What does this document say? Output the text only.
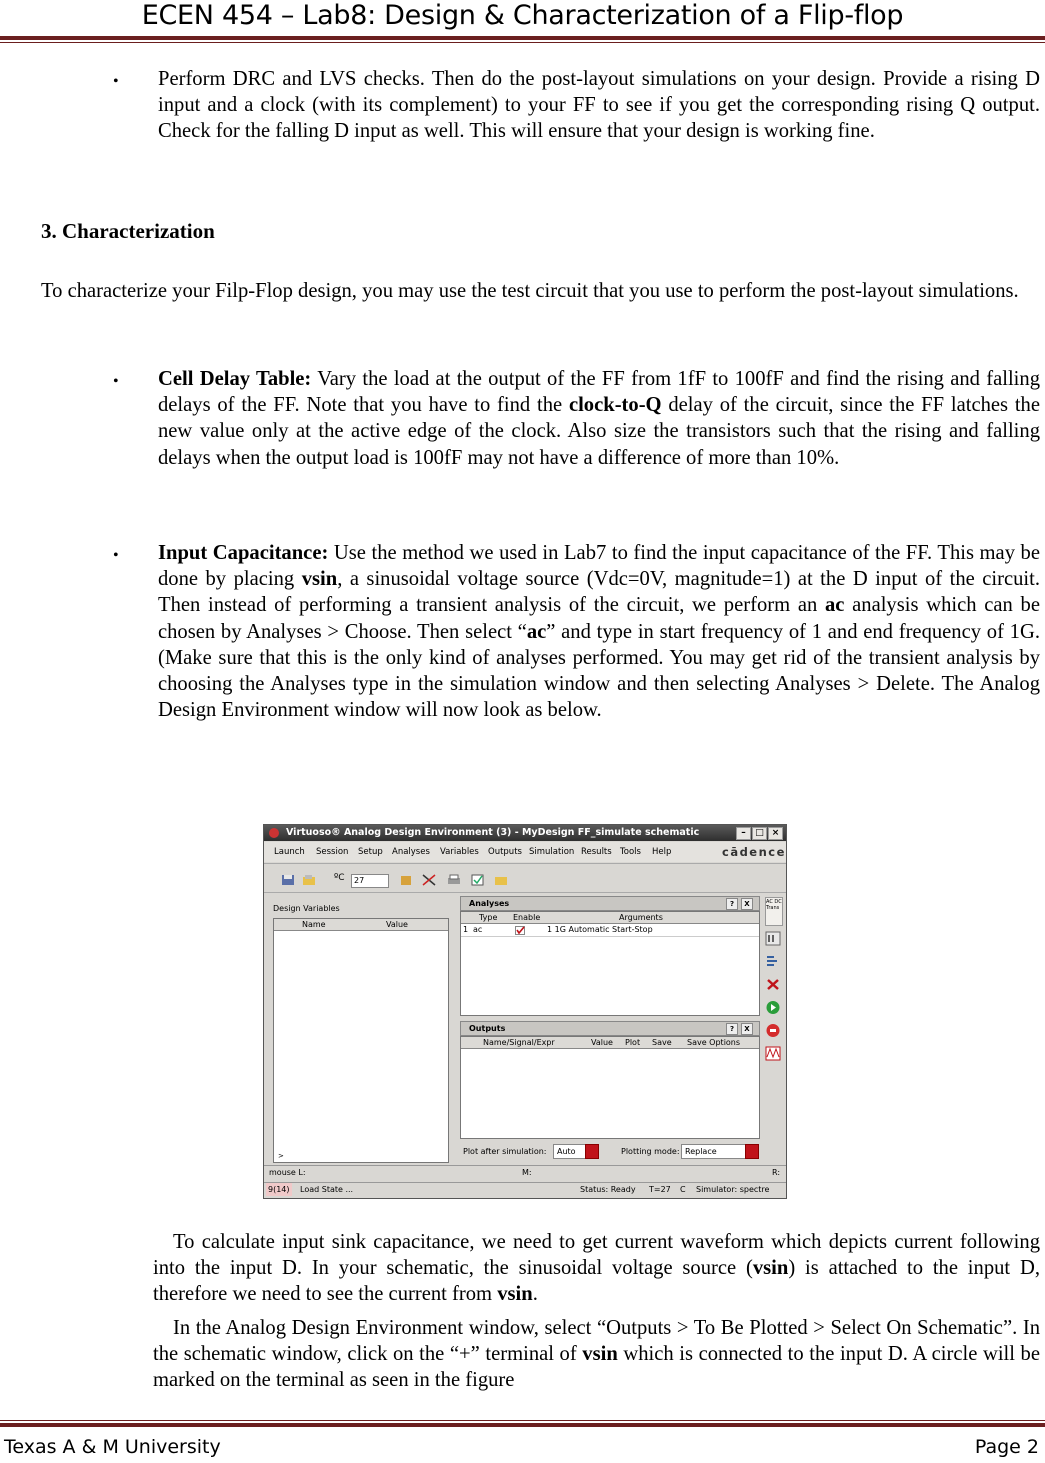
ECEN 454 – Lab8: Design & Characterization of a Flip-flop
• Perform DRC and LVS checks. Then do the post-layout simulations on your design. Provide a rising D input and a clock (with its complement) to your FF to see if you get the corresponding rising Q output. Check for the falling D input as well. This will ensure that your design is working fine.
3. Characterization
To characterize your Filp-Flop design, you may use the test circuit that you use to perform the post-layout simulations.
• Cell Delay Table: Vary the load at the output of the FF from 1fF to 100fF and find the rising and falling delays of the FF. Note that you have to find the clock-to-Q delay of the circuit, since the FF latches the new value only at the active edge of the clock. Also size the transistors such that the rising and falling delays when the output load is 100fF may not have a difference of more than 10%.
• Input Capacitance: Use the method we used in Lab7 to find the input capacitance of the FF. This may be done by placing vsin, a sinusoidal voltage source (Vdc=0V, magnitude=1) at the D input of the circuit. Then instead of performing a transient analysis of the circuit, we perform an ac analysis which can be chosen by Analyses > Choose. Then select “ac” and type in start frequency of 1 and end frequency of 1G. (Make sure that this is the only kind of analyses performed. You may get rid of the transient analysis by choosing the Analyses type in the simulation window and then selecting Analyses > Delete. The Analog Design Environment window will now look as below.
Virtuoso® Analog Design Environment (3) - MyDesign FF_simulate schematic	–	□ ×
Launch Session Setup Analyses Variables Outputs Simulation Results Tools Help	cādence
ºC	27
Design Variables
Name	Value
>
Analyses	?	X
Type Enable	Arguments
1 ac	1 1G Automatic Start-Stop
Outputs	?	X
Name/Signal/Expr	Value Plot Save Save Options
AC DC Trans
Plot after simulation:	Auto	Plotting mode: Replace
mouse L:	M:	R:
9(14) Load State ...	Status: Ready T=27 C Simulator: spectre
To calculate input sink capacitance, we need to get current waveform which depicts current following into the input D. In your schematic, the sinusoidal voltage source (vsin) is attached to the input D, therefore we need to see the current from vsin.
In the Analog Design Environment window, select “Outputs > To Be Plotted > Select On Schematic”. In the schematic window, click on the “+” terminal of vsin which is connected to the input D. A circle will be marked on the terminal as seen in the figure
Texas A & M University	Page 2
